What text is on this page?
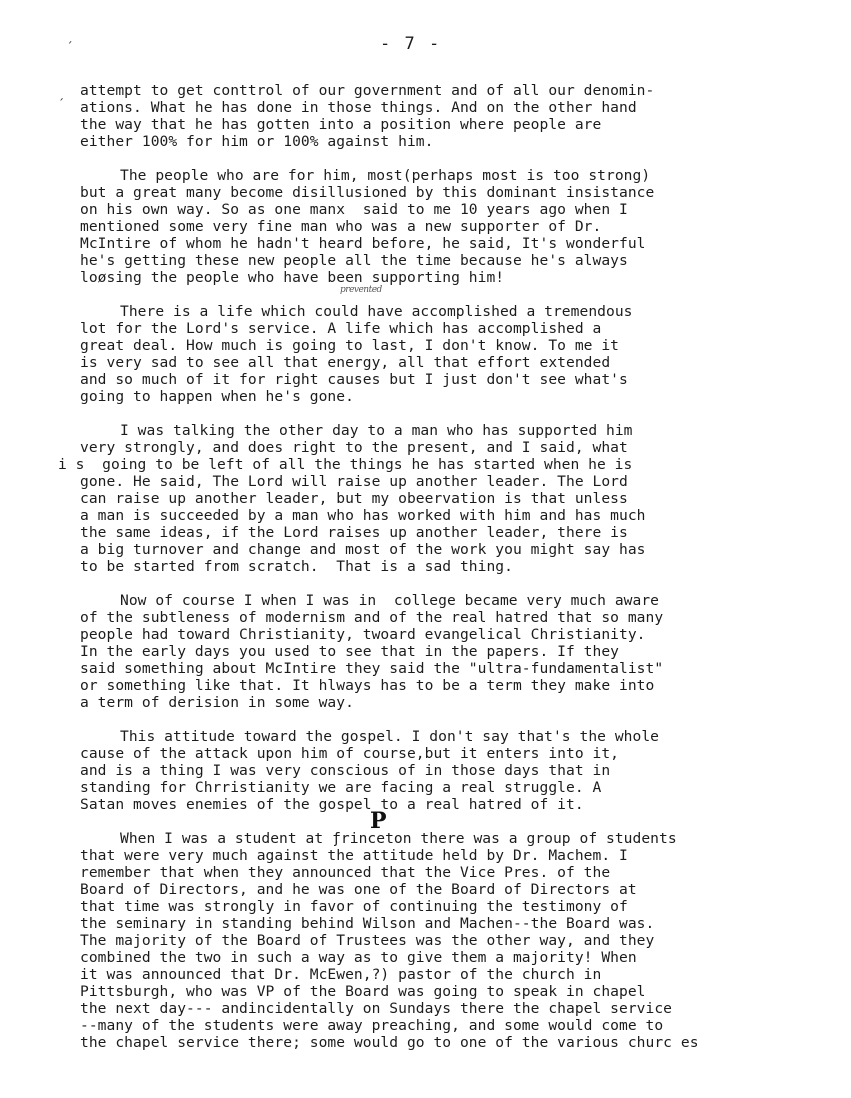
- 7 -
´
ˏ
prevented
P
attempt to get conttrol of our government and of all our denomin-
ations. What he has done in those things. And on the other hand
the way that he has gotten into a position where people are
either 100% for him or 100% against him.
The people who are for him, most(perhaps most is too strong)
but a great many become disillusioned by this dominant insistance
on his own way. So as one manx  said to me 10 years ago when I
mentioned some very fine man who was a new supporter of Dr.
McIntire of whom he hadn't heard before, he said, It's wonderful
he's getting these new people all the time because he's always
loøsing the people who have been supporting him!
There is a life which could have accomplished a tremendous
lot for the Lord's service. A life which has accomplished a
great deal. How much is going to last, I don't know. To me it
is very sad to see all that energy, all that effort extended
and so much of it for right causes but I just don't see what's
going to happen when he's gone.
I was talking the other day to a man who has supported him
very strongly, and does right to the present, and I said, what
i s  going to be left of all the things he has started when he is
gone. He said, The Lord will raise up another leader. The Lord
can raise up another leader, but my obeervation is that unless
a man is succeeded by a man who has worked with him and has much
the same ideas, if the Lord raises up another leader, there is
a big turnover and change and most of the work you might say has
to be started from scratch.  That is a sad thing.
Now of course I when I was in  college became very much aware
of the subtleness of modernism and of the real hatred that so many
people had toward Christianity, twoard evangelical Christianity.
In the early days you used to see that in the papers. If they
said something about McIntire they said the "ultra-fundamentalist"
or something like that. It hlways has to be a term they make into
a term of derision in some way.
This attitude toward the gospel. I don't say that's the whole
cause of the attack upon him of course,but it enters into it,
and is a thing I was very conscious of in those days that in
standing for Chrristianity we are facing a real struggle. A
Satan moves enemies of the gospel to a real hatred of it.
When I was a student at ƒrinceton there was a group of students
that were very much against the attitude held by Dr. Machem. I
remember that when they announced that the Vice Pres. of the
Board of Directors, and he was one of the Board of Directors at
that time was strongly in favor of continuing the testimony of
the seminary in standing behind Wilson and Machen--the Board was.
The majority of the Board of Trustees was the other way, and they
combined the two in such a way as to give them a majority! When
it was announced that Dr. McEwen,?) pastor of the church in
Pittsburgh, who was VP of the Board was going to speak in chapel
the next day--- andincidentally on Sundays there the chapel service
--many of the students were away preaching, and some would come to
the chapel service there; some would go to one of the various churc es
